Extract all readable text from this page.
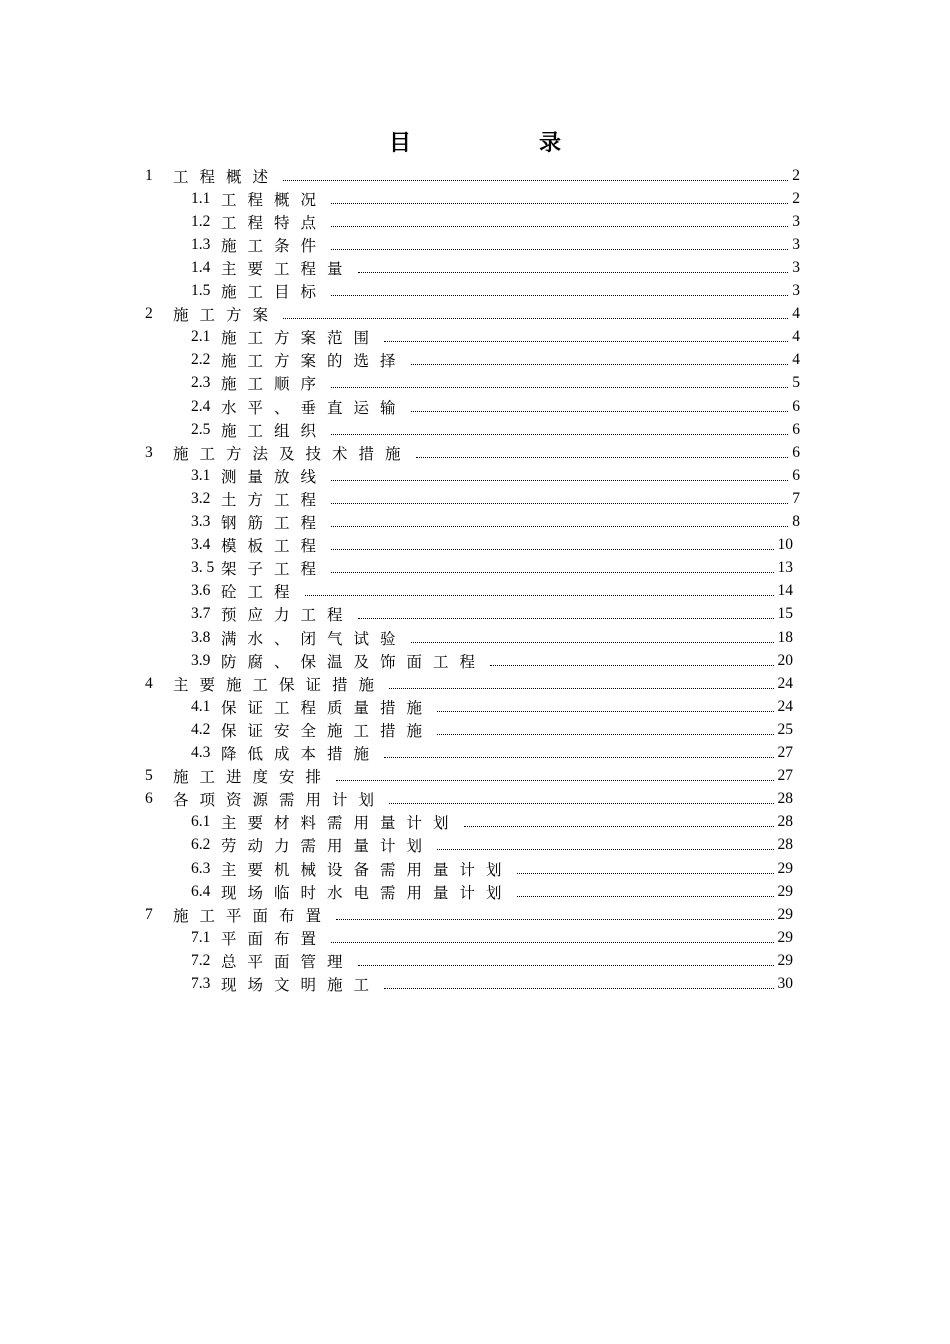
目	录
1	工程概述	2
1.1 工程概况	2
1.2 工程特点	3
1.3 施工条件	3
1.4 主要工程量	3
1.5 施工目标	3
2	施工方案	4
2.1 施工方案范围	4
2.2 施工方案的选择	4
2.3 施工顺序	5
2.4 水平、垂直运输	6
2.5 施工组织	6
3	施工方法及技术措施	6
3.1 测量放线	6
3.2 土方工程	7
3.3 钢筋工程	8
3.4 模板工程	10
3. 5 架子工程	13
3.6 砼工程	14
3.7 预应力工程	15
3.8 满水、闭气试验	18
3.9 防腐、保温及饰面工程	20
4	主要施工保证措施	24
4.1 保证工程质量措施	24
4.2 保证安全施工措施	25
4.3 降低成本措施	27
5	施工进度安排	27
6	各项资源需用计划	28
6.1 主要材料需用量计划	28
6.2 劳动力需用量计划	28
6.3 主要机械设备需用量计划	29
6.4 现场临时水电需用量计划	29
7	施工平面布置	29
7.1 平面布置	29
7.2 总平面管理	29
7.3 现场文明施工	30
